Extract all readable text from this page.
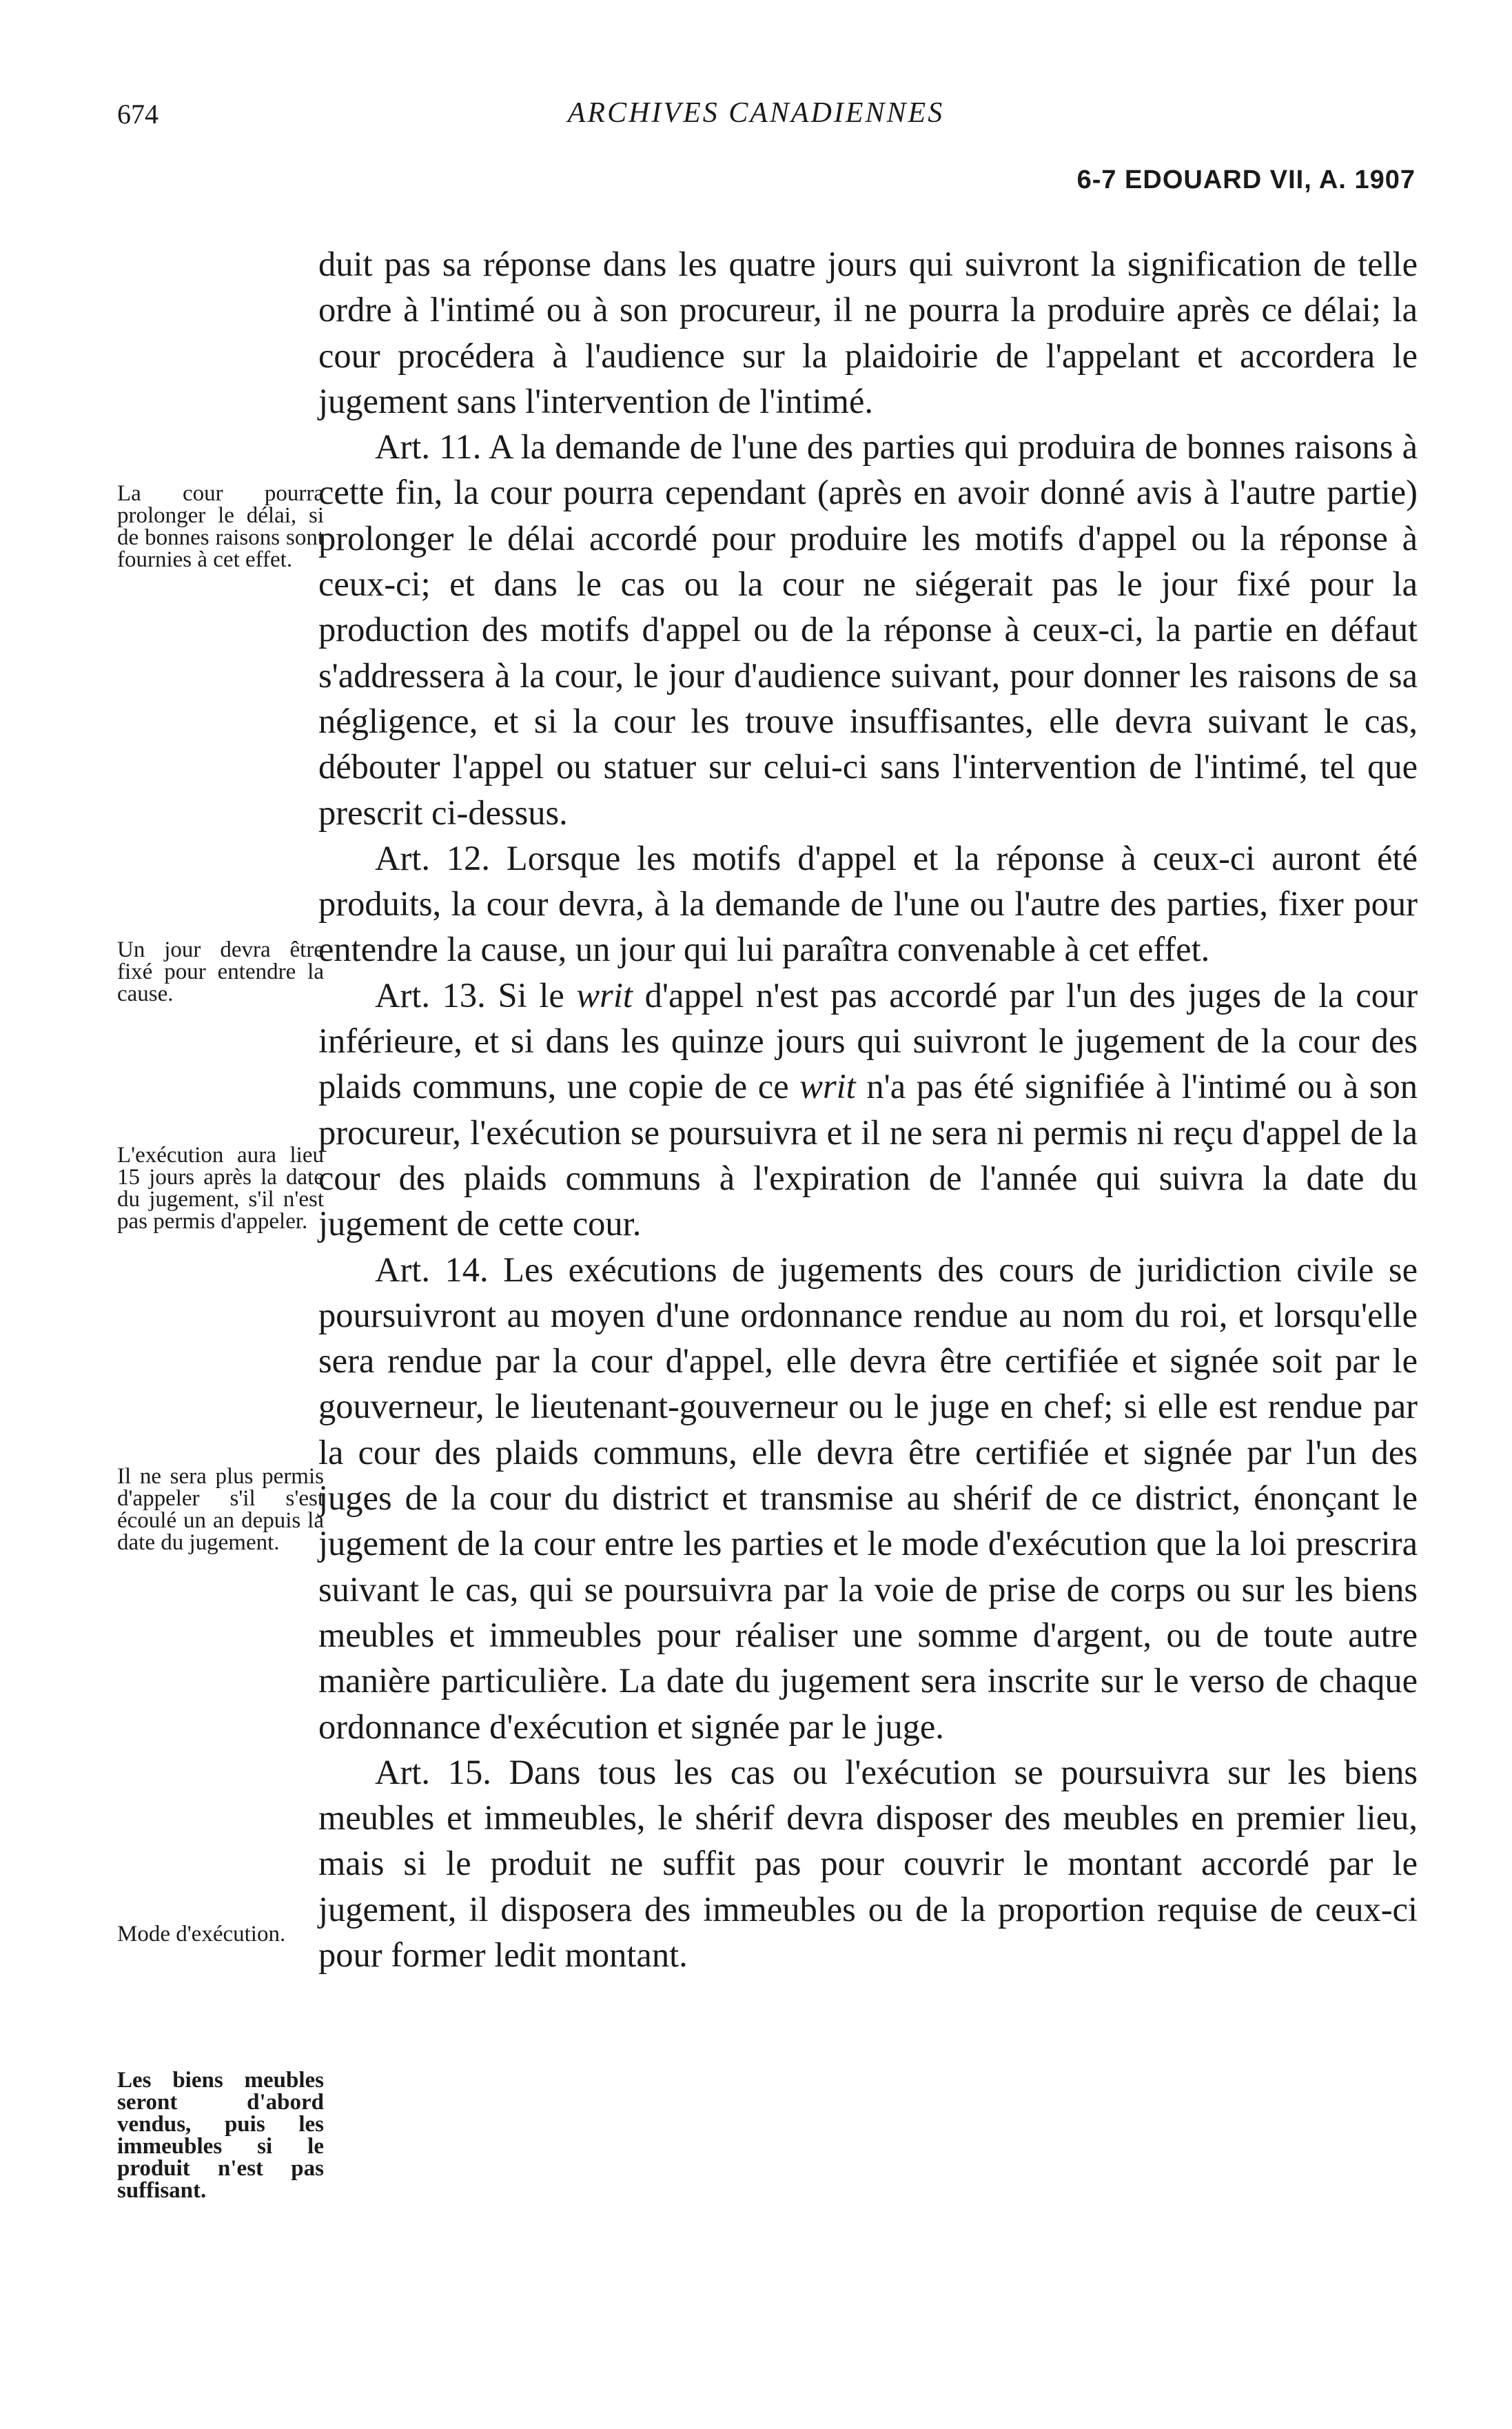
674	ARCHIVES CANADIENNES
6-7 EDOUARD VII, A. 1907

duit pas sa réponse dans les quatre jours qui suivront la signification de telle ordre à l'intimé ou à son procureur, il ne pourra la produire après ce délai; la cour procédera à l'audience sur la plaidoirie de l'appelant et accordera le jugement sans l'intervention de l'intimé.

Art. 11. A la demande de l'une des parties qui produira de bonnes raisons à cette fin, la cour pourra cependant (après en avoir donné avis à l'autre partie) prolonger le délai accordé pour produire les motifs d'appel ou la réponse à ceux-ci; et dans le cas ou la cour ne siégerait pas le jour fixé pour la production des motifs d'appel ou de la réponse à ceux-ci, la partie en défaut s'addressera à la cour, le jour d'audience suivant, pour donner les raisons de sa négligence, et si la cour les trouve insuffisantes, elle devra suivant le cas, débouter l'appel ou statuer sur celui-ci sans l'intervention de l'intimé, tel que prescrit ci-dessus.

Art. 12. Lorsque les motifs d'appel et la réponse à ceux-ci auront été produits, la cour devra, à la demande de l'une ou l'autre des parties, fixer pour entendre la cause, un jour qui lui paraîtra convenable à cet effet.

Art. 13. Si le writ d'appel n'est pas accordé par l'un des juges de la cour inférieure, et si dans les quinze jours qui suivront le jugement de la cour des plaids communs, une copie de ce writ n'a pas été signifiée à l'intimé ou à son procureur, l'exécution se poursuivra et il ne sera ni permis ni reçu d'appel de la cour des plaids communs à l'expiration de l'année qui suivra la date du jugement de cette cour.

Art. 14. Les exécutions de jugements des cours de juridiction civile se poursuivront au moyen d'une ordonnance rendue au nom du roi, et lorsqu'elle sera rendue par la cour d'appel, elle devra être certifiée et signée soit par le gouverneur, le lieutenant-gouverneur ou le juge en chef; si elle est rendue par la cour des plaids communs, elle devra être certifiée et signée par l'un des juges de la cour du district et transmise au shérif de ce district, énonçant le jugement de la cour entre les parties et le mode d'exécution que la loi prescrira suivant le cas, qui se poursuivra par la voie de prise de corps ou sur les biens meubles et immeubles pour réaliser une somme d'argent, ou de toute autre manière particulière. La date du jugement sera inscrite sur le verso de chaque ordonnance d'exécution et signée par le juge.

Art. 15. Dans tous les cas ou l'exécution se poursuivra sur les biens meubles et immeubles, le shérif devra disposer des meubles en premier lieu, mais si le produit ne suffit pas pour couvrir le montant accordé par le jugement, il disposera des immeubles ou de la proportion requise de ceux-ci pour former ledit montant.

La cour pourra prolonger le délai, si de bonnes raisons sont fournies à cet effet.
Un jour devra être fixé pour entendre la cause.
L'exécution aura lieu 15 jours après la date du jugement, s'il n'est pas permis d'appeler.
Il ne sera plus permis d'appeler s'il s'est écoulé un an depuis la date du jugement.
Mode d'exécution.
Les biens meubles seront d'abord vendus, puis les immeubles si le produit n'est pas suffisant.
